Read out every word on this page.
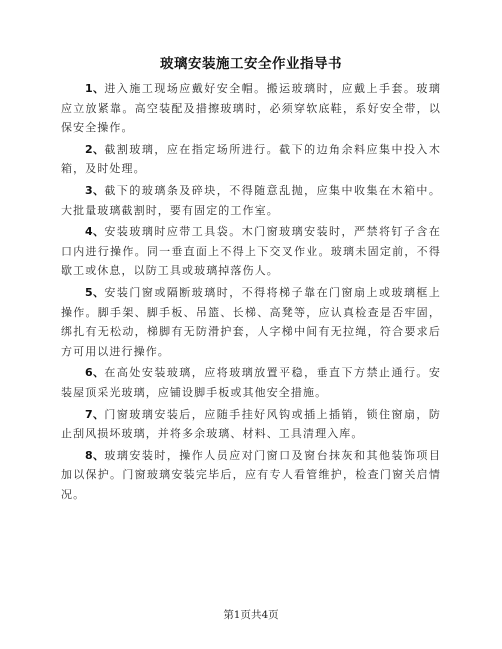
玻璃安装施工安全作业指导书

1、进入施工现场应戴好安全帽。搬运玻璃时，应戴上手套。玻璃应立放紧靠。高空装配及措擦玻璃时，必须穿软底鞋，系好安全带，以保安全操作。

2、截割玻璃，应在指定场所进行。截下的边角余料应集中投入木箱，及时处理。

3、截下的玻璃条及碎块，不得随意乱抛，应集中收集在木箱中。大批量玻璃截割时，要有固定的工作室。

4、安装玻璃时应带工具袋。木门窗玻璃安装时，严禁将钉子含在口内进行操作。同一垂直面上不得上下交叉作业。玻璃未固定前，不得歇工或休息，以防工具或玻璃掉落伤人。

5、安装门窗或隔断玻璃时，不得将梯子靠在门窗扇上或玻璃框上操作。脚手架、脚手板、吊篮、长梯、高凳等，应认真检查是否牢固，绑扎有无松动，梯脚有无防滑护套，人字梯中间有无拉绳，符合要求后方可用以进行操作。

6、在高处安装玻璃，应将玻璃放置平稳，垂直下方禁止通行。安装屋顶采光玻璃，应铺设脚手板或其他安全措施。

7、门窗玻璃安装后，应随手挂好风钩或插上插销，锁住窗扇，防止刮风损坏玻璃，并将多余玻璃、材料、工具清理入库。

8、玻璃安装时，操作人员应对门窗口及窗台抹灰和其他装饰项目加以保护。门窗玻璃安装完毕后，应有专人看管维护，检查门窗关启情况。

第1页共4页
